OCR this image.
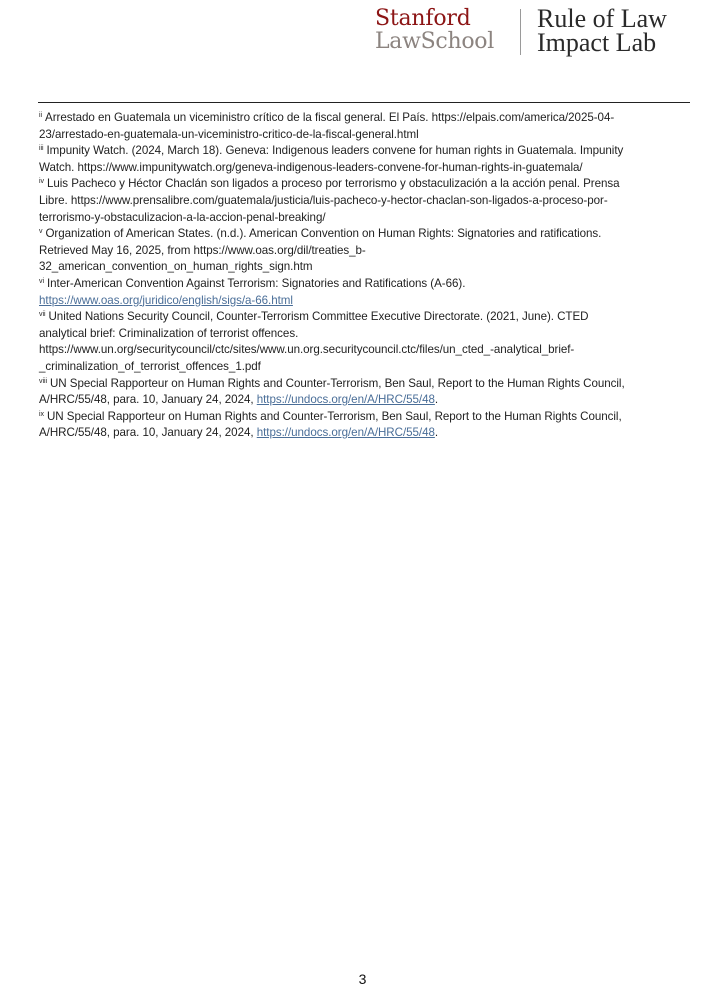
Stanford
LawSchool
Rule of Law
Impact Lab

$^{ii}$ Arrestado en Guatemala un viceministro crítico de la fiscal general. El País. https://elpais.com/america/2025-04-
23/arrestado-en-guatemala-un-viceministro-critico-de-la-fiscal-general.html

$^{iii}$ Impunity Watch. (2024, March 18). Geneva: Indigenous leaders convene for human rights in Guatemala. Impunity
Watch. https://www.impunitywatch.org/geneva-indigenous-leaders-convene-for-human-rights-in-guatemala/

$^{iv}$ Luis Pacheco y Héctor Chaclán son ligados a proceso por terrorismo y obstaculización a la acción penal. Prensa
Libre. https://www.prensalibre.com/guatemala/justicia/luis-pacheco-y-hector-chaclan-son-ligados-a-proceso-por-
terrorismo-y-obstaculizacion-a-la-accion-penal-breaking/

$^v$ Organization of American States. (n.d.). American Convention on Human Rights: Signatories and ratifications.
Retrieved May 16, 2025, from https://www.oas.org/dil/treaties_b-
32_american_convention_on_human_rights_sign.htm

$^{vi}$ Inter-American Convention Against Terrorism: Signatories and Ratifications (A-66).
https://www.oas.org/juridico/english/sigs/a-66.html

$^{vii}$ United Nations Security Council, Counter-Terrorism Committee Executive Directorate. (2021, June). CTED
analytical brief: Criminalization of terrorist offences.
https://www.un.org/securitycouncil/ctc/sites/www.un.org.securitycouncil.ctc/files/un_cted_-analytical_brief-
_criminalization_of_terrorist_offences_1.pdf

$^{viii}$ UN Special Rapporteur on Human Rights and Counter-Terrorism, Ben Saul, Report to the Human Rights Council,
A/HRC/55/48, para. 10, January 24, 2024, https://undocs.org/en/A/HRC/55/48.

$^{ix}$ UN Special Rapporteur on Human Rights and Counter-Terrorism, Ben Saul, Report to the Human Rights Council,
A/HRC/55/48, para. 10, January 24, 2024, https://undocs.org/en/A/HRC/55/48.

3
